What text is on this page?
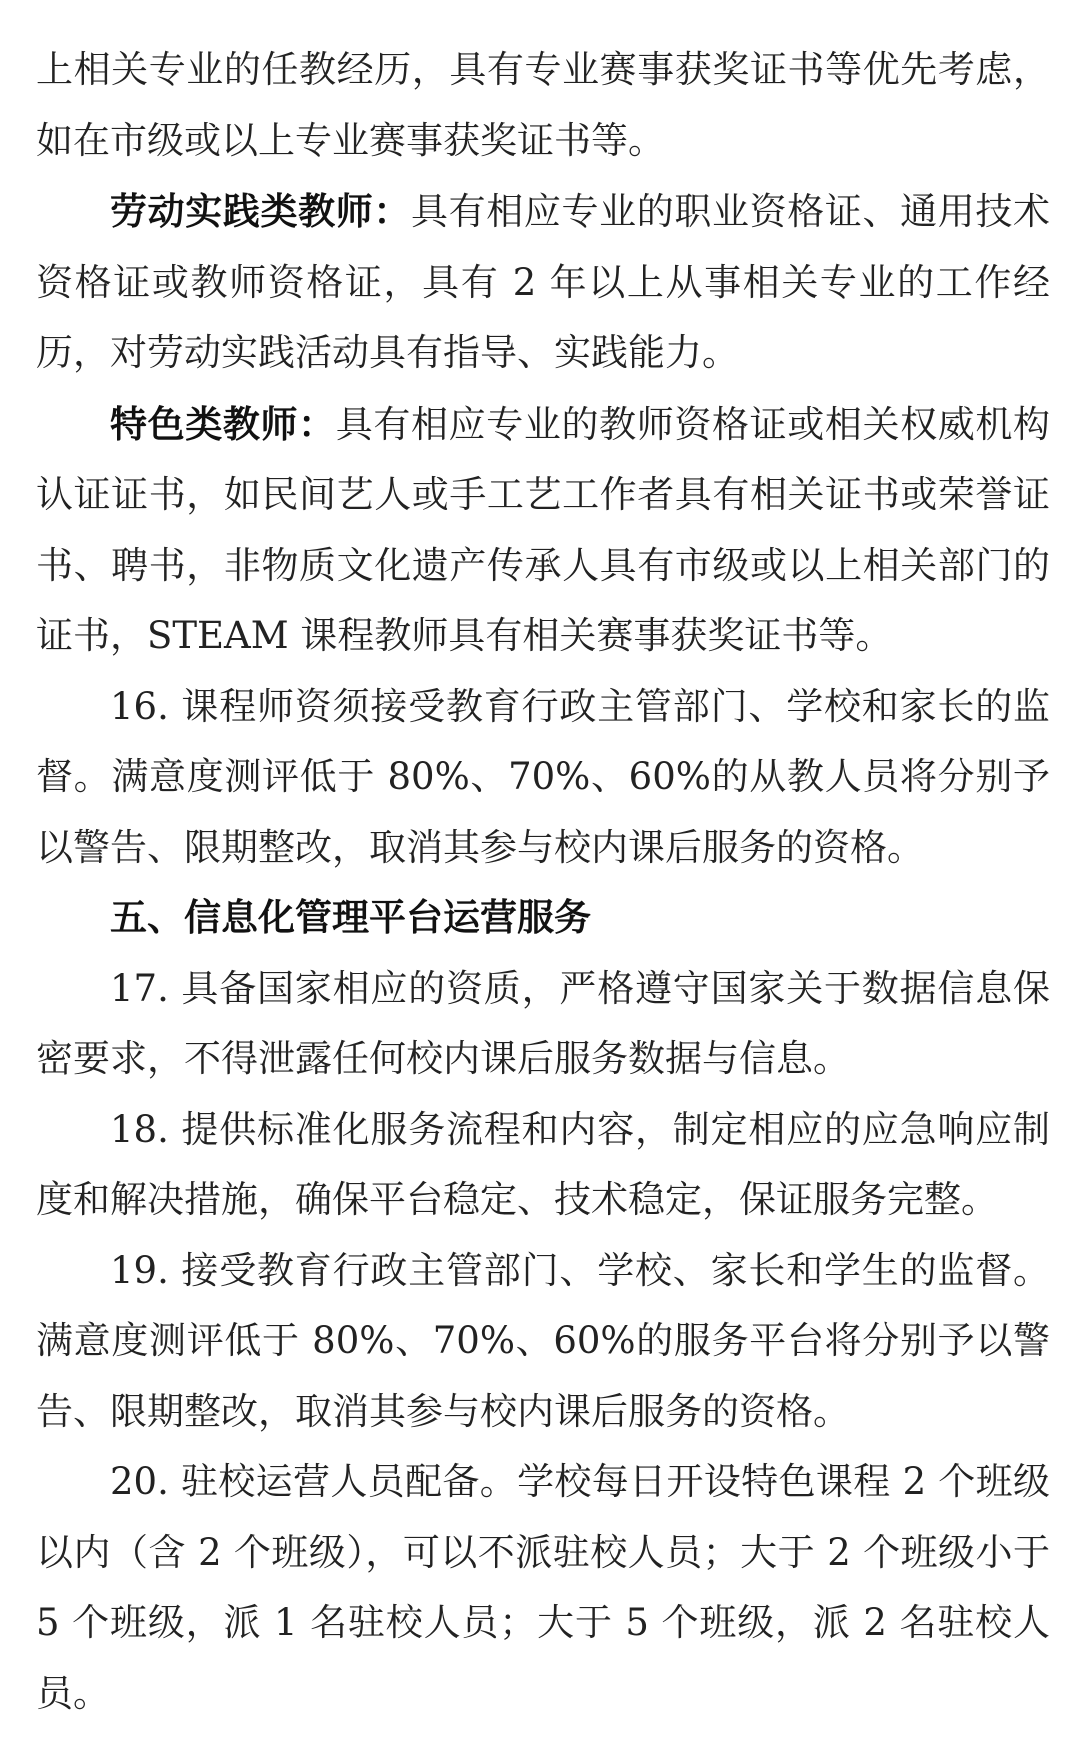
上相关专业的任教经历，具有专业赛事获奖证书等优先考虑，如在市级或以上专业赛事获奖证书等。

劳动实践类教师：具有相应专业的职业资格证、通用技术资格证或教师资格证，具有 2 年以上从事相关专业的工作经历，对劳动实践活动具有指导、实践能力。

特色类教师：具有相应专业的教师资格证或相关权威机构认证证书，如民间艺人或手工艺工作者具有相关证书或荣誉证书、聘书，非物质文化遗产传承人具有市级或以上相关部门的证书，STEAM 课程教师具有相关赛事获奖证书等。

16. 课程师资须接受教育行政主管部门、学校和家长的监督。满意度测评低于 80%、70%、60%的从教人员将分别予以警告、限期整改，取消其参与校内课后服务的资格。

五、信息化管理平台运营服务

17. 具备国家相应的资质，严格遵守国家关于数据信息保密要求，不得泄露任何校内课后服务数据与信息。

18. 提供标准化服务流程和内容，制定相应的应急响应制度和解决措施，确保平台稳定、技术稳定，保证服务完整。

19. 接受教育行政主管部门、学校、家长和学生的监督。满意度测评低于 80%、70%、60%的服务平台将分别予以警告、限期整改，取消其参与校内课后服务的资格。

20. 驻校运营人员配备。学校每日开设特色课程 2 个班级以内（含 2 个班级），可以不派驻校人员；大于 2 个班级小于 5 个班级，派 1 名驻校人员；大于 5 个班级，派 2 名驻校人员。
